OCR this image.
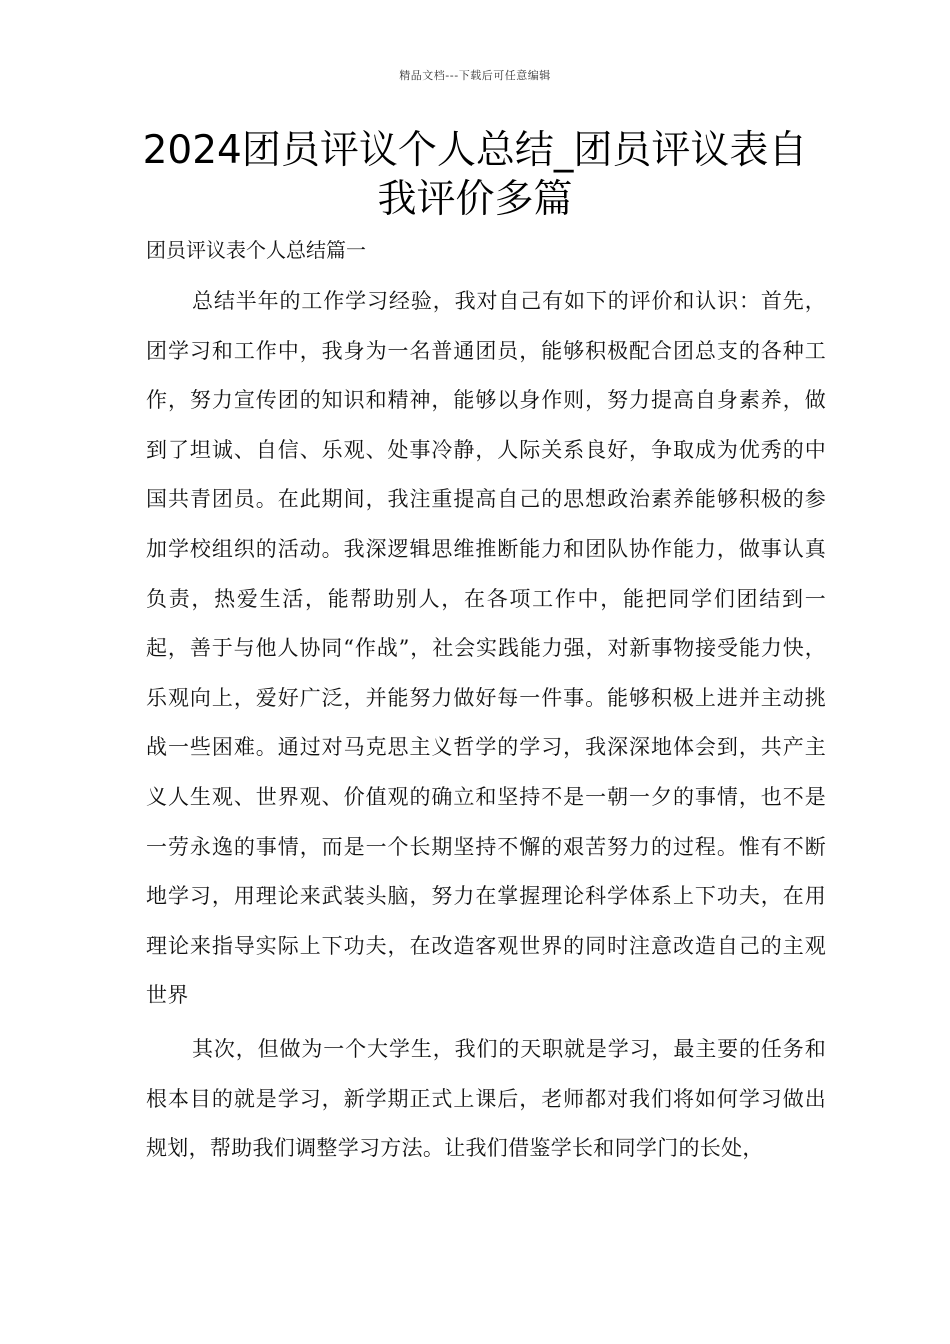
精品文档---下载后可任意编辑
2024团员评议个人总结_团员评议表自我评价多篇
团员评议表个人总结篇一

总结半年的工作学习经验，我对自己有如下的评价和认识：首先，团学习和工作中，我身为一名普通团员，能够积极配合团总支的各种工作，努力宣传团的知识和精神，能够以身作则，努力提高自身素养，做到了坦诚、自信、乐观、处事冷静，人际关系良好，争取成为优秀的中国共青团员。在此期间，我注重提高自己的思想政治素养能够积极的参加学校组织的活动。我深逻辑思维推断能力和团队协作能力，做事认真负责，热爱生活，能帮助别人，在各项工作中，能把同学们团结到一起，善于与他人协同“作战”，社会实践能力强，对新事物接受能力快，乐观向上，爱好广泛，并能努力做好每一件事。能够积极上进并主动挑战一些困难。通过对马克思主义哲学的学习，我深深地体会到，共产主义人生观、世界观、价值观的确立和坚持不是一朝一夕的事情，也不是一劳永逸的事情，而是一个长期坚持不懈的艰苦努力的过程。惟有不断地学习，用理论来武装头脑，努力在掌握理论科学体系上下功夫，在用理论来指导实际上下功夫，在改造客观世界的同时注意改造自己的主观世界

其次，但做为一个大学生，我们的天职就是学习，最主要的任务和根本目的就是学习，新学期正式上课后，老师都对我们将如何学习做出规划，帮助我们调整学习方法。让我们借鉴学长和同学门的长处，
